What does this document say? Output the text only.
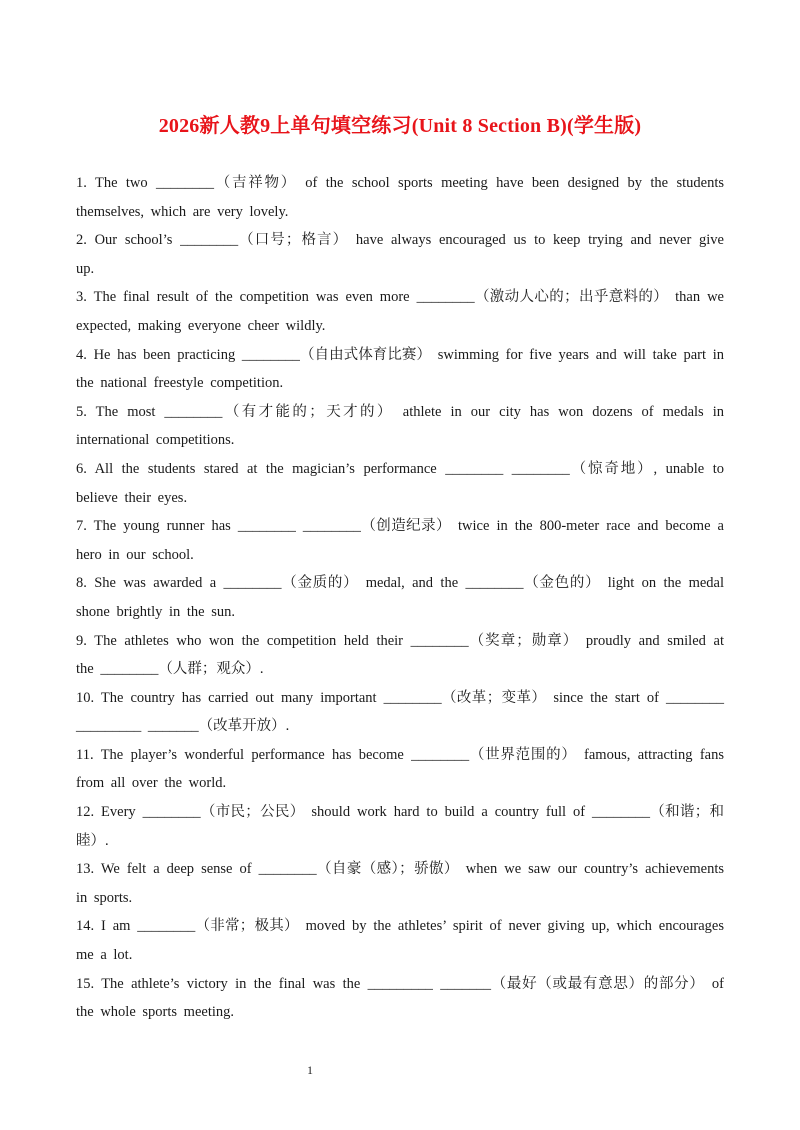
2026新人教9上单句填空练习(Unit 8 Section B)(学生版)

1. The two ________（吉祥物） of the school sports meeting have been designed by the students themselves, which are very lovely.

2. Our school’s ________（口号；格言） have always encouraged us to keep trying and never give up.

3. The final result of the competition was even more ________（激动人心的；出乎意料的） than we expected, making everyone cheer wildly.

4. He has been practicing ________（自由式体育比赛） swimming for five years and will take part in the national freestyle competition.

5. The most ________（有才能的；天才的） athlete in our city has won dozens of medals in international competitions.

6. All the students stared at the magician’s performance ________ ________（惊奇地）, unable to believe their eyes.

7. The young runner has ________ ________（创造纪录） twice in the 800-meter race and become a hero in our school.

8. She was awarded a ________（金质的） medal, and the ________（金色的） light on the medal shone brightly in the sun.

9. The athletes who won the competition held their ________（奖章；勋章） proudly and smiled at the ________（人群；观众）.

10. The country has carried out many important ________（改革；变革） since the start of ________ _________ _______（改革开放）.

11. The player’s wonderful performance has become ________（世界范围的） famous, attracting fans from all over the world.

12. Every ________（市民；公民） should work hard to build a country full of ________（和谐；和睦）.

13. We felt a deep sense of ________（自豪（感）；骄傲） when we saw our country’s achievements in sports.

14. I am ________（非常；极其） moved by the athletes’ spirit of never giving up, which encourages me a lot.

15. The athlete’s victory in the final was the _________ _______（最好（或最有意思）的部分） of the whole sports meeting.

1
